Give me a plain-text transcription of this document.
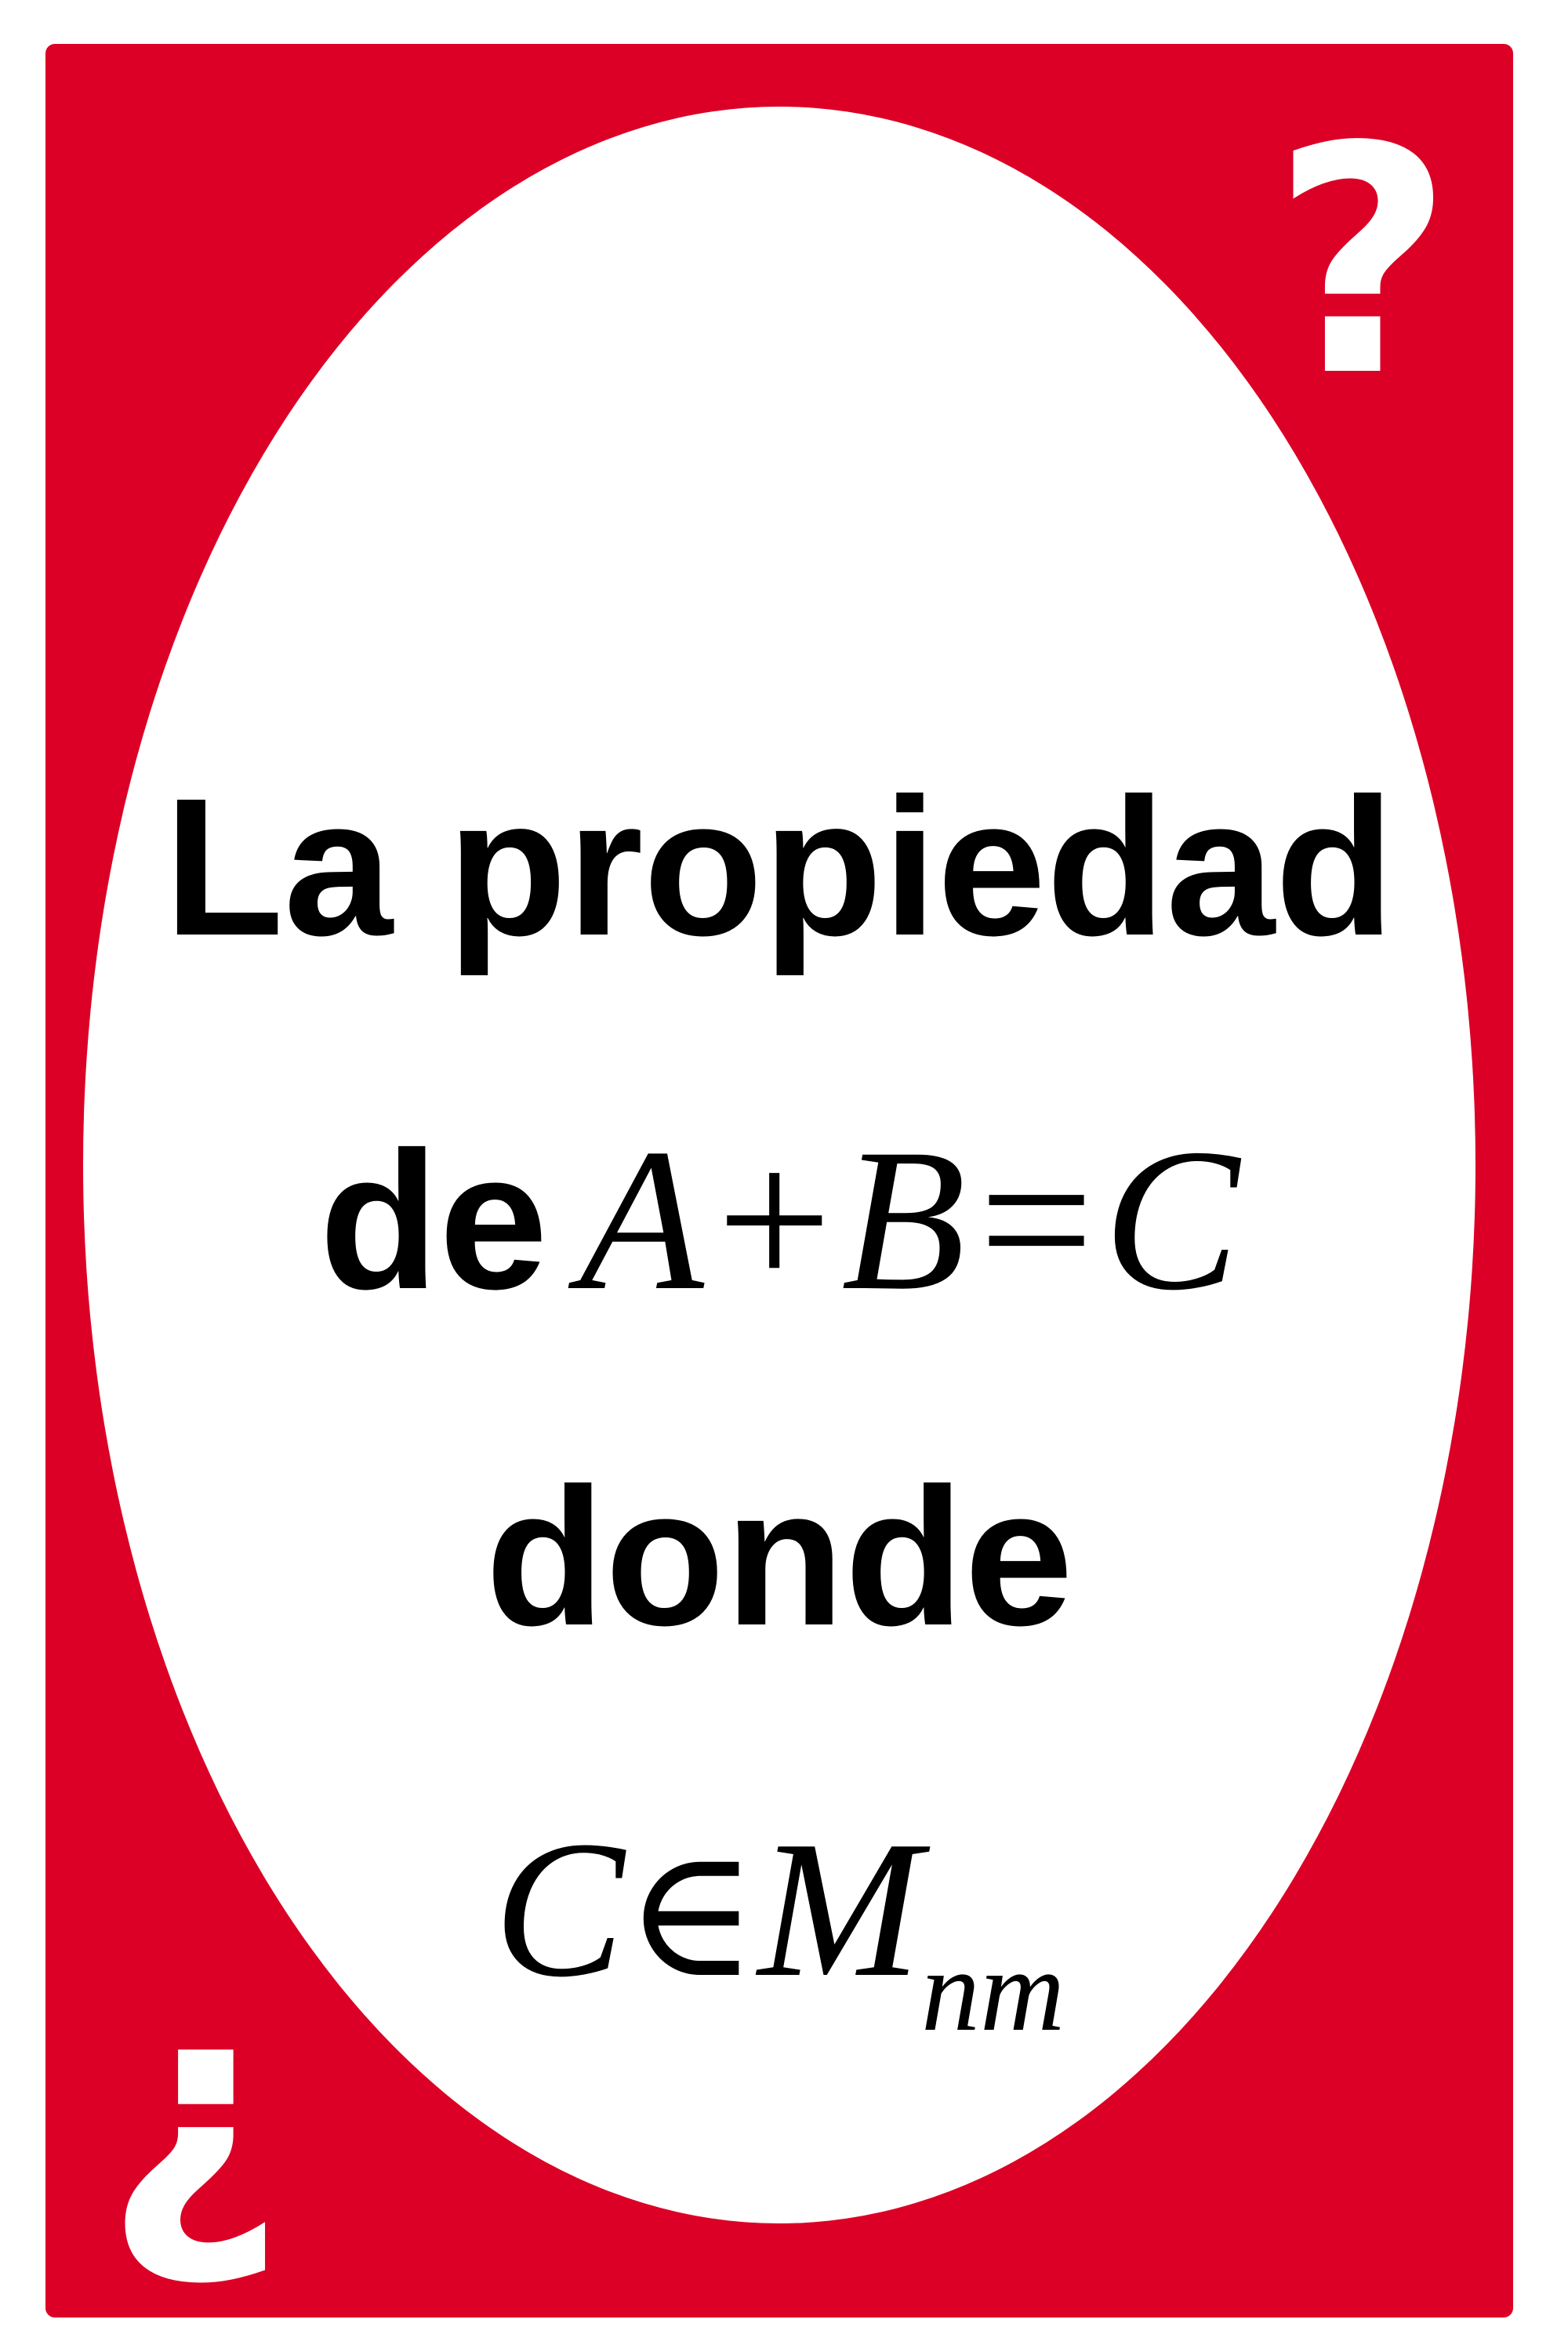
?
¿
La propiedad
de A+B=C
donde
$C\in M_{nm}$
